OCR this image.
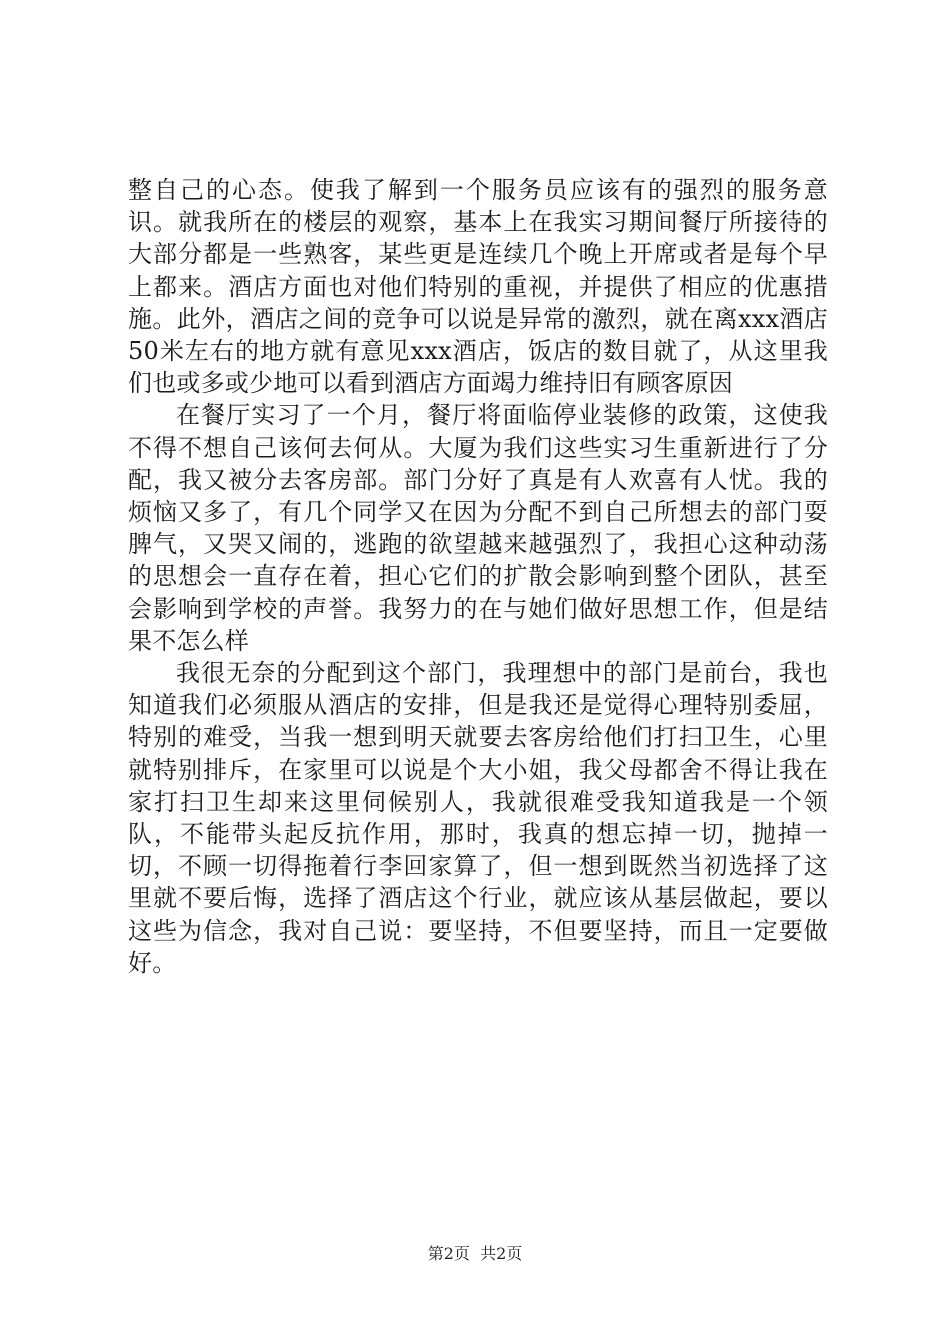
整自己的心态。使我了解到一个服务员应该有的强烈的服务意识。就我所在的楼层的观察，基本上在我实习期间餐厅所接待的大部分都是一些熟客，某些更是连续几个晚上开席或者是每个早上都来。酒店方面也对他们特别的重视，并提供了相应的优惠措施。此外，酒店之间的竞争可以说是异常的激烈，就在离xxx酒店50米左右的地方就有意见xxx酒店，饭店的数目就了，从这里我们也或多或少地可以看到酒店方面竭力维持旧有顾客原因

在餐厅实习了一个月，餐厅将面临停业装修的政策，这使我不得不想自己该何去何从。大厦为我们这些实习生重新进行了分配，我又被分去客房部。部门分好了真是有人欢喜有人忧。我的烦恼又多了，有几个同学又在因为分配不到自己所想去的部门耍脾气，又哭又闹的，逃跑的欲望越来越强烈了，我担心这种动荡的思想会一直存在着，担心它们的扩散会影响到整个团队，甚至会影响到学校的声誉。我努力的在与她们做好思想工作，但是结果不怎么样

我很无奈的分配到这个部门，我理想中的部门是前台，我也知道我们必须服从酒店的安排，但是我还是觉得心理特别委屈，特别的难受，当我一想到明天就要去客房给他们打扫卫生，心里就特别排斥，在家里可以说是个大小姐，我父母都舍不得让我在家打扫卫生却来这里伺候别人，我就很难受我知道我是一个领队，不能带头起反抗作用，那时，我真的想忘掉一切，抛掉一切，不顾一切得拖着行李回家算了，但一想到既然当初选择了这里就不要后悔，选择了酒店这个行业，就应该从基层做起，要以这些为信念，我对自己说：要坚持，不但要坚持，而且一定要做好。

第2页  共2页
